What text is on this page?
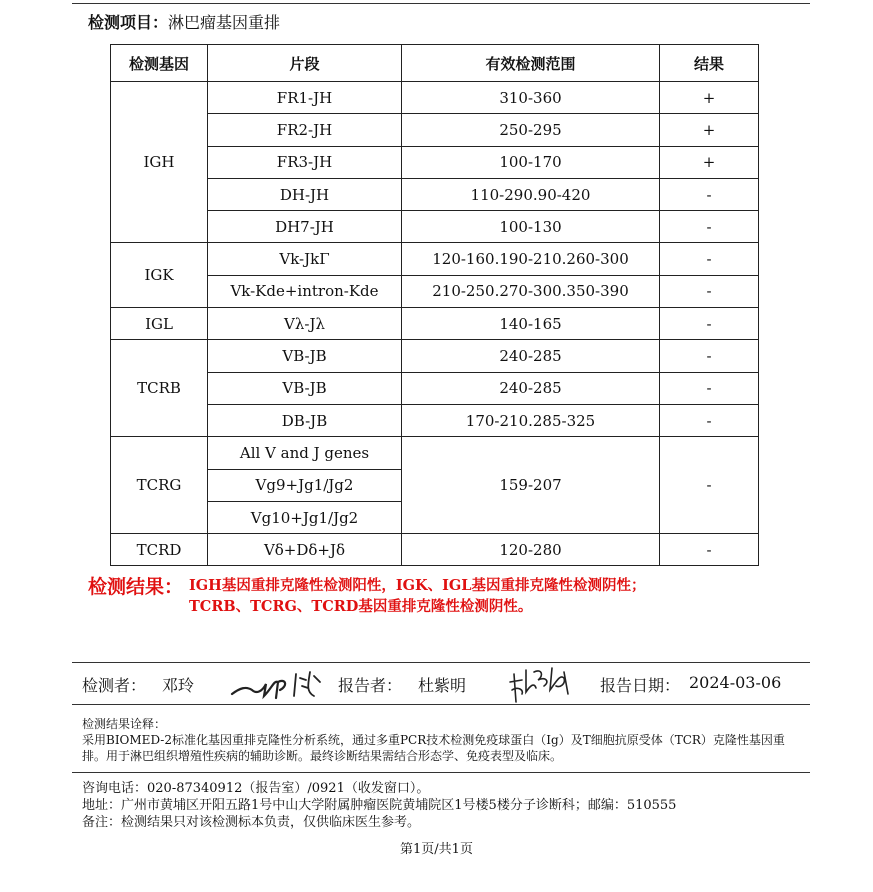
检测项目：淋巴瘤基因重排
检测基因	片段	有效检测范围	结果
IGH	FR1-JH	310-360	+
	FR2-JH	250-295	+
	FR3-JH	100-170	+
	DH-JH	110-290.90-420	-
	DH7-JH	100-130	-
IGK	Vk-JkΓ	120-160.190-210.260-300	-
	Vk-Kde+intron-Kde	210-250.270-300.350-390	-
IGL	Vλ-Jλ	140-165	-
TCRB	VB-JB	240-285	-
	VB-JB	240-285	-
	DB-JB	170-210.285-325	-
TCRG	All V and J genes	159-207	-
	Vg9+Jg1/Jg2		
	Vg10+Jg1/Jg2		
TCRD	Vδ+Dδ+Jδ	120-280	-
检测结果： IGH基因重排克隆性检测阳性，IGK、IGL基因重排克隆性检测阴性；
TCRB、TCRG、TCRD基因重排克隆性检测阴性。
检测者： 邓玲	报告者： 杜紫明	报告日期： 2024-03-06
检测结果诠释：
采用BIOMED-2标准化基因重排克隆性分析系统，通过多重PCR技术检测免疫球蛋白（Ig）及T细胞抗原受体（TCR）克隆性基因重排。用于淋巴组织增殖性疾病的辅助诊断。最终诊断结果需结合形态学、免疫表型及临床。
咨询电话：020-87340912（报告室）/0921（收发窗口）。
地址：广州市黄埔区开阳五路1号中山大学附属肿瘤医院黄埔院区1号楼5楼分子诊断科；邮编：510555
备注：检测结果只对该检测标本负责，仅供临床医生参考。
第1页/共1页
